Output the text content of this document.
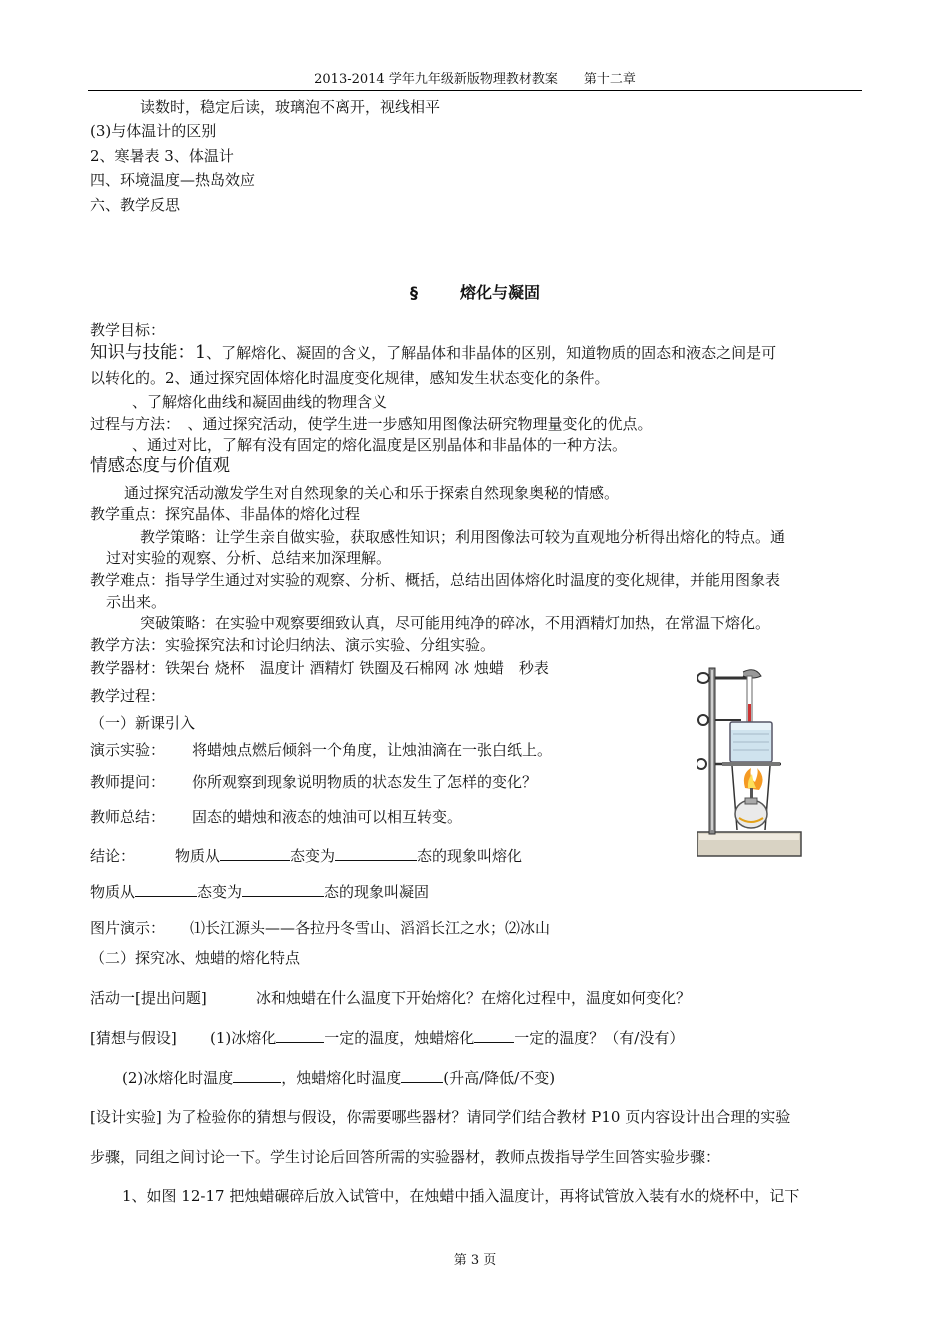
2013-2014 学年九年级新版物理教材教案　　第十二章
读数时，稳定后读，玻璃泡不离开，视线相平
(3)与体温计的区别
2、寒暑表 3、体温计
四、环境温度—热岛效应
六、教学反思
§	熔化与凝固
教学目标：
知识与技能：1、了解熔化、凝固的含义，了解晶体和非晶体的区别，知道物质的固态和液态之间是可
以转化的。2、通过探究固体熔化时温度变化规律，感知发生状态变化的条件。
、了解熔化曲线和凝固曲线的物理含义
过程与方法：　、通过探究活动，使学生进一步感知用图像法研究物理量变化的优点。
、通过对比，了解有没有固定的熔化温度是区别晶体和非晶体的一种方法。
情感态度与价值观
通过探究活动激发学生对自然现象的关心和乐于探索自然现象奥秘的情感。
教学重点：探究晶体、非晶体的熔化过程
教学策略：让学生亲自做实验，获取感性知识；利用图像法可较为直观地分析得出熔化的特点。通
过对实验的观察、分析、总结来加深理解。
教学难点：指导学生通过对实验的观察、分析、概括，总结出固体熔化时温度的变化规律，并能用图象表
示出来。
突破策略：在实验中观察要细致认真，尽可能用纯净的碎冰，不用酒精灯加热，在常温下熔化。
教学方法：实验探究法和讨论归纳法、演示实验、分组实验。
教学器材：铁架台 烧杯　温度计 酒精灯 铁圈及石棉网 冰 烛蜡　秒表
教学过程：
（一）新课引入
演示实验： 将蜡烛点燃后倾斜一个角度，让烛油滴在一张白纸上。
教师提问： 你所观察到现象说明物质的状态发生了怎样的变化？
教师总结： 固态的蜡烛和液态的烛油可以相互转变。
结论：	物质从	态变为	态的现象叫熔化
物质从	态变为	态的现象叫凝固
图片演示： ⑴长江源头——各拉丹冬雪山、滔滔长江之水；⑵冰山
（二）探究冰、烛蜡的熔化特点
活动一[提出问题]	冰和烛蜡在什么温度下开始熔化？在熔化过程中，温度如何变化？
[猜想与假设] (1)冰熔化	一定的温度，烛蜡熔化	一定的温度？（有/没有）
(2)冰熔化时温度	，烛蜡熔化时温度	(升高/降低/不变)
[设计实验] 为了检验你的猜想与假设，你需要哪些器材？请同学们结合教材 P10 页内容设计出合理的实验
步骤，同组之间讨论一下。学生讨论后回答所需的实验器材，教师点拨指导学生回答实验步骤：
1、如图 12-17 把烛蜡碾碎后放入试管中，在烛蜡中插入温度计，再将试管放入装有水的烧杯中，记下
第 3 页
